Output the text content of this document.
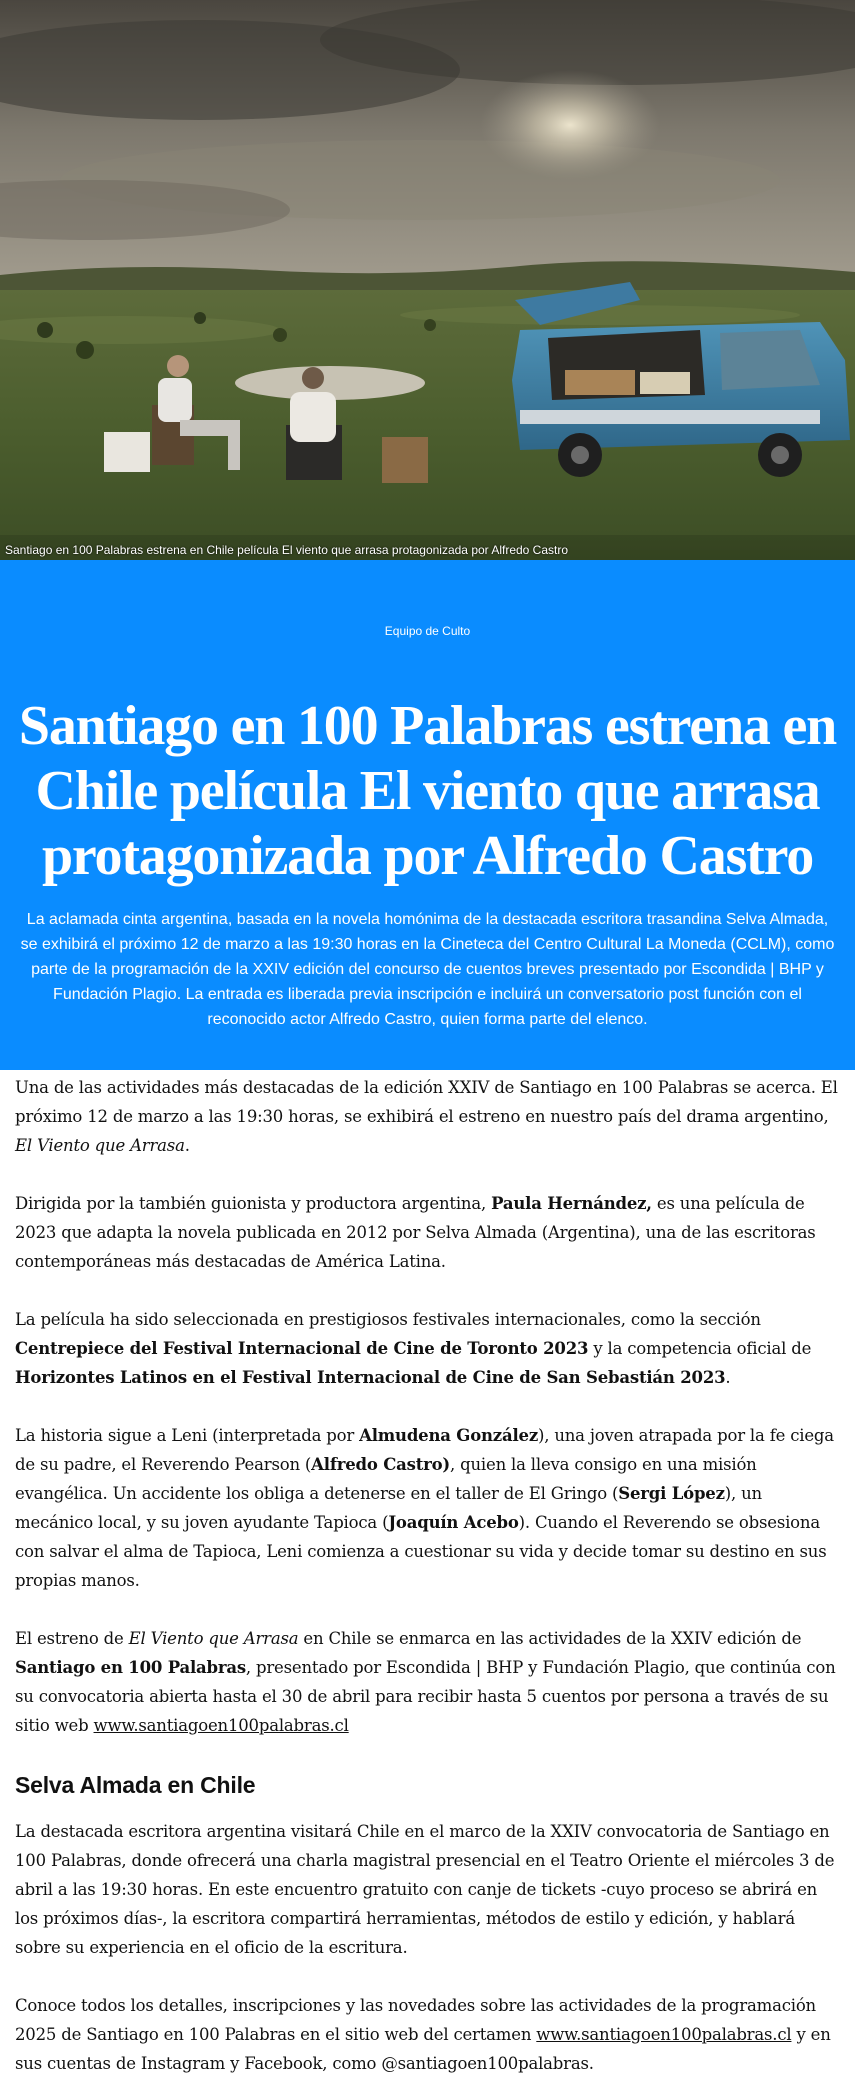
Santiago en 100 Palabras estrena en Chile película El viento que arrasa protagonizada por Alfredo Castro
Equipo de Culto
Santiago en 100 Palabras estrena en Chile película El viento que arrasa protagonizada por Alfredo Castro

La aclamada cinta argentina, basada en la novela homónima de la destacada escritora trasandina Selva Almada, se exhibirá el próximo 12 de marzo a las 19:30 horas en la Cineteca del Centro Cultural La Moneda (CCLM), como parte de la programación de la XXIV edición del concurso de cuentos breves presentado por Escondida | BHP y Fundación Plagio. La entrada es liberada previa inscripción e incluirá un conversatorio post función con el reconocido actor Alfredo Castro, quien forma parte del elenco.

Una de las actividades más destacadas de la edición XXIV de Santiago en 100 Palabras se acerca. El próximo 12 de marzo a las 19:30 horas, se exhibirá el estreno en nuestro país del drama argentino, El Viento que Arrasa.

Dirigida por la también guionista y productora argentina, Paula Hernández, es una película de 2023 que adapta la novela publicada en 2012 por Selva Almada (Argentina), una de las escritoras contemporáneas más destacadas de América Latina.

La película ha sido seleccionada en prestigiosos festivales internacionales, como la sección Centrepiece del Festival Internacional de Cine de Toronto 2023 y la competencia oficial de Horizontes Latinos en el Festival Internacional de Cine de San Sebastián 2023.

La historia sigue a Leni (interpretada por Almudena González), una joven atrapada por la fe ciega de su padre, el Reverendo Pearson (Alfredo Castro), quien la lleva consigo en una misión evangélica. Un accidente los obliga a detenerse en el taller de El Gringo (Sergi López), un mecánico local, y su joven ayudante Tapioca (Joaquín Acebo). Cuando el Reverendo se obsesiona con salvar el alma de Tapioca, Leni comienza a cuestionar su vida y decide tomar su destino en sus propias manos.

El estreno de El Viento que Arrasa en Chile se enmarca en las actividades de la XXIV edición de Santiago en 100 Palabras, presentado por Escondida | BHP y Fundación Plagio, que continúa con su convocatoria abierta hasta el 30 de abril para recibir hasta 5 cuentos por persona a través de su sitio web www.santiagoen100palabras.cl

Selva Almada en Chile

La destacada escritora argentina visitará Chile en el marco de la XXIV convocatoria de Santiago en 100 Palabras, donde ofrecerá una charla magistral presencial en el Teatro Oriente el miércoles 3 de abril a las 19:30 horas. En este encuentro gratuito con canje de tickets -cuyo proceso se abrirá en los próximos días-, la escritora compartirá herramientas, métodos de estilo y edición, y hablará sobre su experiencia en el oficio de la escritura.

Conoce todos los detalles, inscripciones y las novedades sobre las actividades de la programación 2025 de Santiago en 100 Palabras en el sitio web del certamen www.santiagoen100palabras.cl y en sus cuentas de Instagram y Facebook, como @santiagoen100palabras.
